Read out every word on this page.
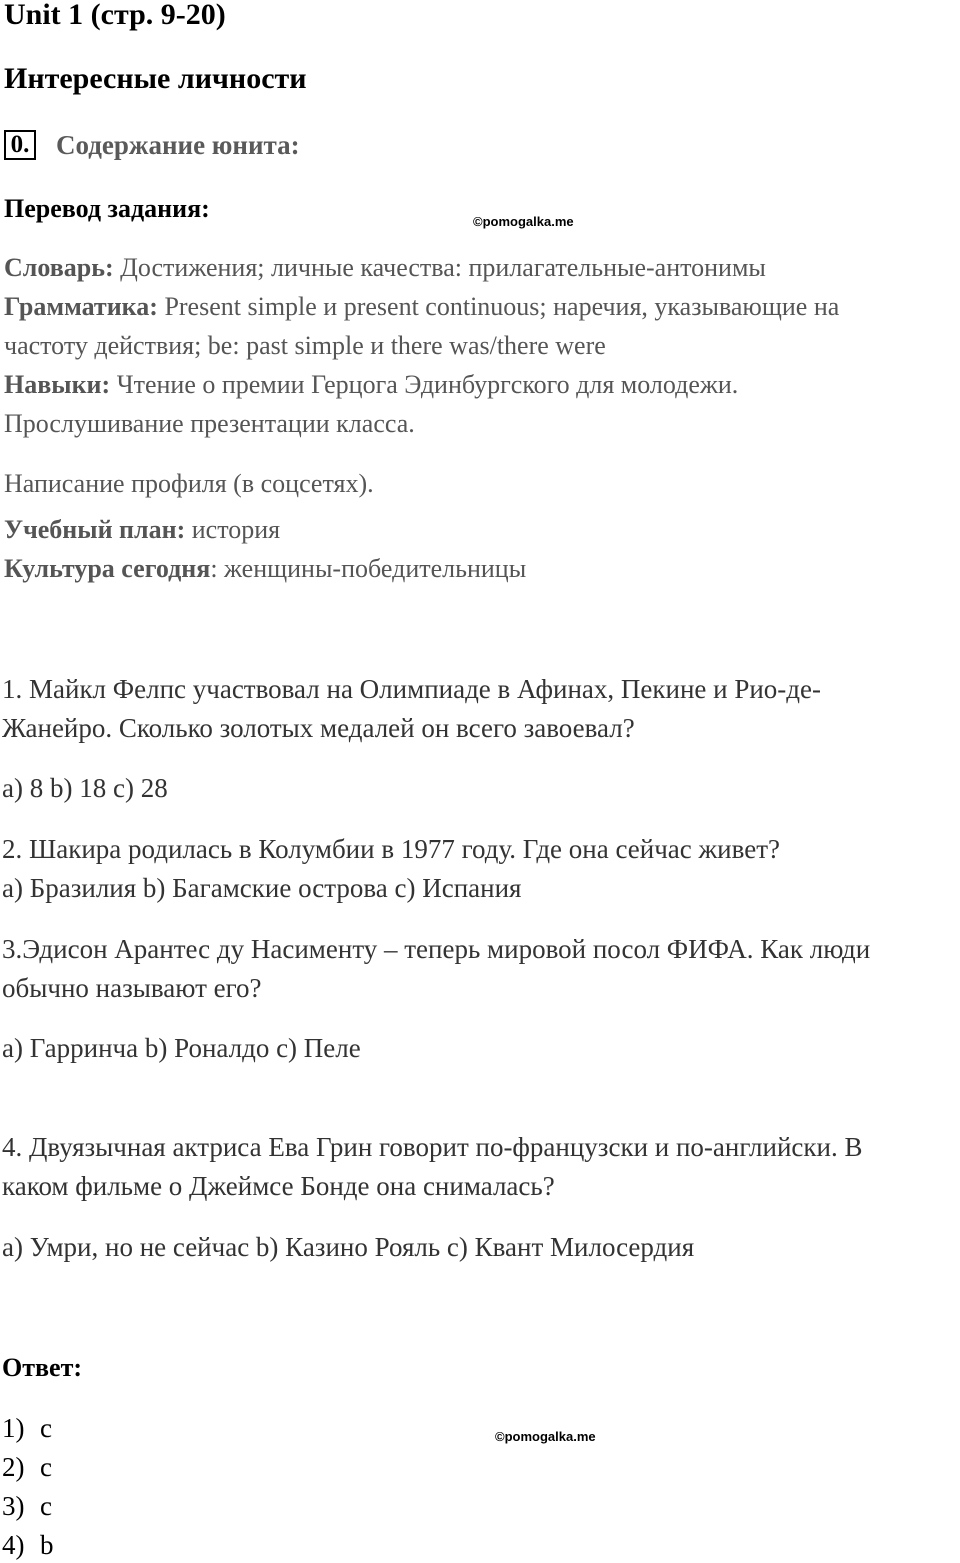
Unit 1 (стр. 9-20)
Интересные личности
0. Содержание юнита:
Перевод задания:	©pomogalka.me
Словарь: Достижения; личные качества: прилагательные-антонимы
Грамматика: Present simple и present continuous; наречия, указывающие на
частоту действия; be: past simple и there was/there were
Навыки: Чтение о премии Герцога Эдинбургского для молодежи.
Прослушивание презентации класса.
Написание профиля (в соцсетях).
Учебный план: история
Культура сегодня: женщины-победительницы
1. Майкл Фелпс участвовал на Олимпиаде в Афинах, Пекине и Рио-де-
Жанейро. Сколько золотых медалей он всего завоевал?
a) 8 b) 18 c) 28
2. Шакира родилась в Колумбии в 1977 году. Где она сейчас живет?
a) Бразилия b) Багамские острова c) Испания
3.Эдисон Арантес ду Насименту – теперь мировой посол ФИФА. Как люди
обычно называют его?
a) Гарринча b) Роналдо c) Пеле
4. Двуязычная актриса Ева Грин говорит по-французски и по-английски. В
каком фильме о Джеймсе Бонде она снималась?
a) Умри, но не сейчас b) Казино Рояль c) Квант Милосердия
Ответ:
©pomogalka.me
1) c
2) c
3) c
4) b
